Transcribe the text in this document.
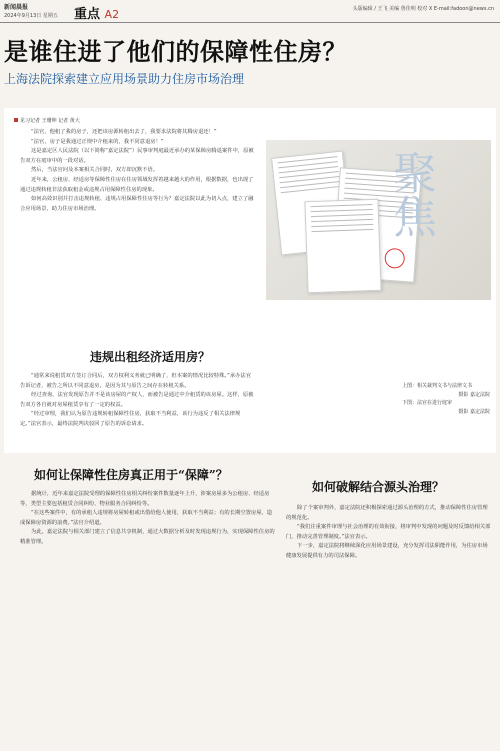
新闻晨报
2024年9月13日 星期五 重点 A2	头版编辑 / 王飞 美编 鲁佳明 校对 X E-mail:fadoon@news.cn
是谁住进了他们的保障性住房？
上海法院探索建立应用场景助力住房市场治理
见习记者 王珊坤 记者 黄大

“法官，他租了我的房子，还把该房源转租出去了，我要求法院将其腾房退还！”

“法官，房子是我通过正规中介租来的，我不同意退房！”

这是嘉定区人民法院（以下简称“嘉定法院”）民事审判庭最近承办的某保障房腾退案件中，原被告双方在庭审中的一段对话。

然后，当法官问及本案相关合同时，双方却沉默不语。

近年来，公租房、经适房等保障性住房在住房领域发挥着越来越大的作用，根据数据，也出现了通过违规转租非法获取租金或违规占用保障性住房的现象。

如何高效识别并打击违规转租、违规占用保障性住房等行为？嘉定法院以此为切入点，建立了融合应用场景，助力住房市场治理。	聚焦
上图：相关裁判文书与法律文书
摄影 嘉定法院
下图：法官在进行庭审
摄影 嘉定法院
违规出租经济适用房？

“通常来说租赁双方签订合同后，双方权利义务就已明确了，但本案的情况比较特殊。”承办法官告诉记者，被告之所以不同意退房，是因为其与原告之间存在转租关系。

经过查询，法官发现原告并不是该房屋的产权人，而被告是通过中介租赁的该房屋。这样，原被告双方各自就对房屋租赁享有了一定的权益。

“经过审理，我们认为原告违规转租保障性住房，获取不当利益，该行为违反了相关法律规定。”法官表示，最终法院判决驳回了原告的诉讼请求。

如何让保障性住房真正用于“保障”？

据统计，近年来嘉定法院受理的保障性住房相关纠纷案件数量逐年上升，涉案房屋多为公租房、经适房等，类型主要包括租赁合同纠纷、物业服务合同纠纷等。

“在这些案件中，有的承租人违规将房屋转租或出借给他人使用，获取不当利益；有的长期空置房屋，造成保障房资源的浪费。”法官介绍道。

为此，嘉定法院与相关部门建立了信息共享机制，通过大数据分析及时发现违规行为，实现保障性住房的精准管理。

如何破解结合源头治理？

除了个案审判外，嘉定法院还积极探索通过源头治理的方式，推动保障性住房管理的规范化。

“我们注重案件审理与社会治理的有效衔接，将审判中发现的问题及时反馈给相关部门，推动完善管理制度。”法官表示。

下一步，嘉定法院将继续深化应用场景建设，充分发挥司法职能作用，为住房市场健康发展提供有力的司法保障。
